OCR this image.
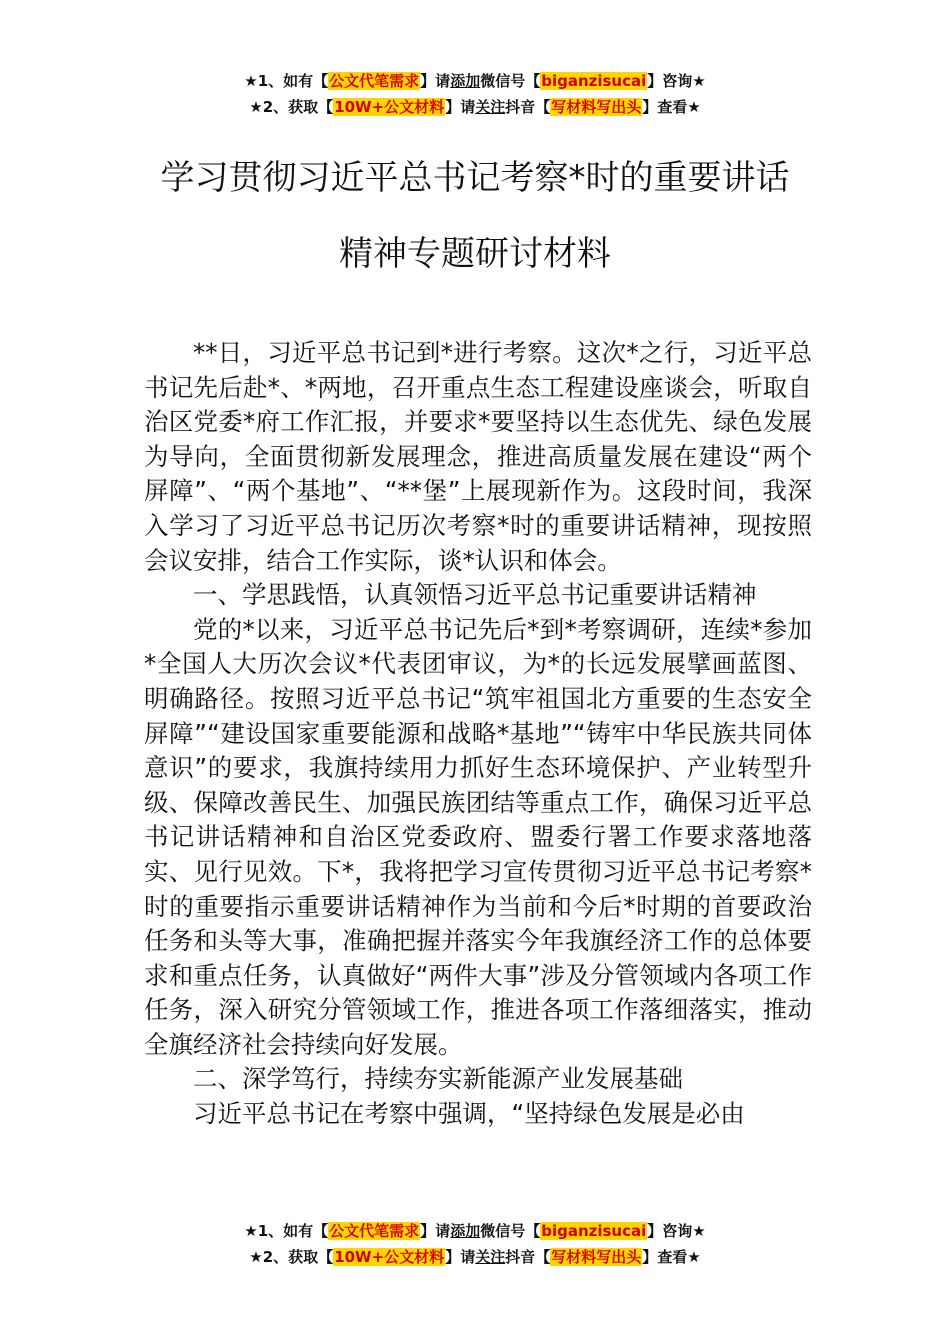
★1、如有【公文代笔需求】请添加微信号【biganzisucai】咨询★
★2、获取【10W+公文材料】请关注抖音【写材料写出头】查看★
学习贯彻习近平总书记考察*时的重要讲话
精神专题研讨材料

**日，习近平总书记到*进行考察。这次*之行，习近平总书记先后赴*、*两地，召开重点生态工程建设座谈会，听取自治区党委*府工作汇报，并要求*要坚持以生态优先、绿色发展为导向，全面贯彻新发展理念，推进高质量发展在建设“两个屏障”、“两个基地”、“**堡”上展现新作为。这段时间，我深入学习了习近平总书记历次考察*时的重要讲话精神，现按照会议安排，结合工作实际，谈*认识和体会。

一、学思践悟，认真领悟习近平总书记重要讲话精神

党的*以来，习近平总书记先后*到*考察调研，连续*参加*全国人大历次会议*代表团审议，为*的长远发展擘画蓝图、明确路径。按照习近平总书记“筑牢祖国北方重要的生态安全屏障”“建设国家重要能源和战略*基地”“铸牢中华民族共同体意识”的要求，我旗持续用力抓好生态环境保护、产业转型升级、保障改善民生、加强民族团结等重点工作，确保习近平总书记讲话精神和自治区党委政府、盟委行署工作要求落地落实、见行见效。下*，我将把学习宣传贯彻习近平总书记考察*时的重要指示重要讲话精神作为当前和今后*时期的首要政治任务和头等大事，准确把握并落实今年我旗经济工作的总体要求和重点任务，认真做好“两件大事”涉及分管领域内各项工作任务，深入研究分管领域工作，推进各项工作落细落实，推动全旗经济社会持续向好发展。

二、深学笃行，持续夯实新能源产业发展基础

习近平总书记在考察中强调，“坚持绿色发展是必由

★1、如有【公文代笔需求】请添加微信号【biganzisucai】咨询★
★2、获取【10W+公文材料】请关注抖音【写材料写出头】查看★
